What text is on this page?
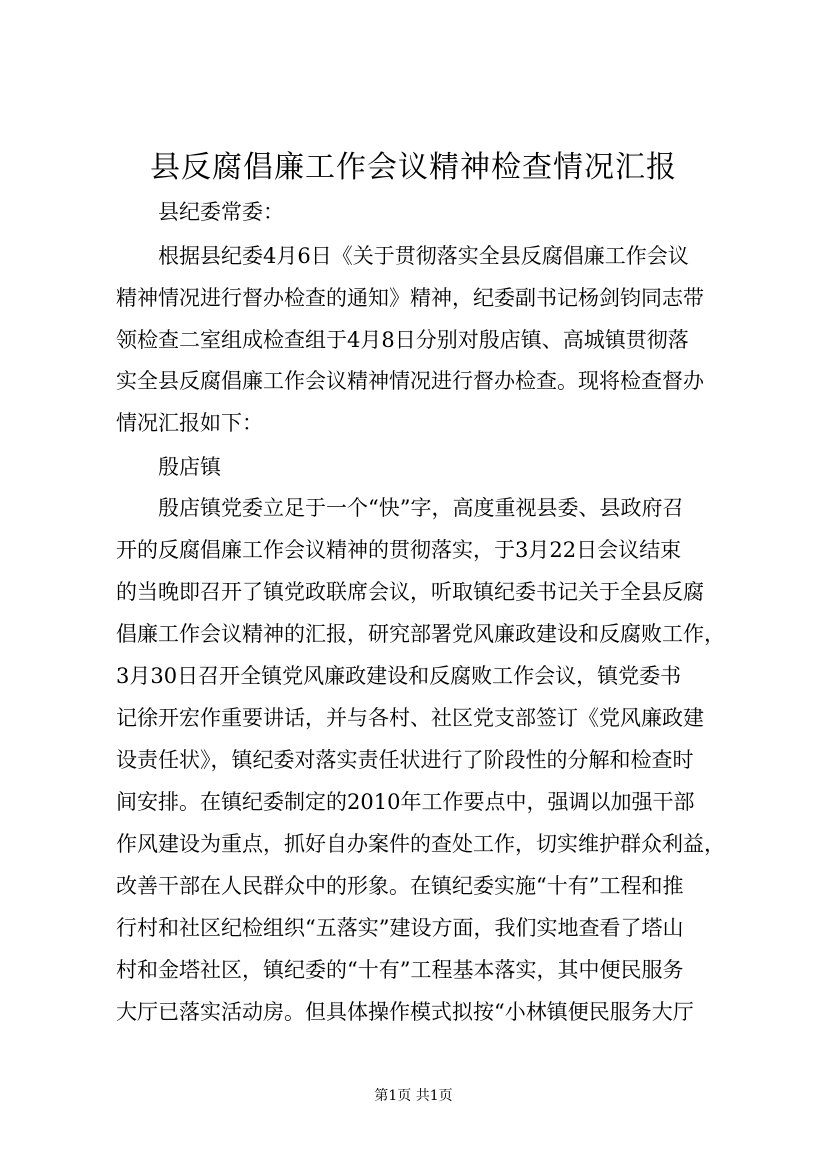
县反腐倡廉工作会议精神检查情况汇报
县纪委常委：
根据县纪委4月6日《关于贯彻落实全县反腐倡廉工作会议
精神情况进行督办检查的通知》精神，纪委副书记杨剑钧同志带
领检查二室组成检查组于4月8日分别对殷店镇、高城镇贯彻落
实全县反腐倡廉工作会议精神情况进行督办检查。现将检查督办
情况汇报如下：
殷店镇
殷店镇党委立足于一个“快”字，高度重视县委、县政府召
开的反腐倡廉工作会议精神的贯彻落实，于3月22日会议结束
的当晚即召开了镇党政联席会议，听取镇纪委书记关于全县反腐
倡廉工作会议精神的汇报，研究部署党风廉政建设和反腐败工作，
3月30日召开全镇党风廉政建设和反腐败工作会议，镇党委书
记徐开宏作重要讲话，并与各村、社区党支部签订《党风廉政建
设责任状》，镇纪委对落实责任状进行了阶段性的分解和检查时
间安排。在镇纪委制定的2010年工作要点中，强调以加强干部
作风建设为重点，抓好自办案件的查处工作，切实维护群众利益，
改善干部在人民群众中的形象。在镇纪委实施“十有”工程和推
行村和社区纪检组织“五落实”建设方面，我们实地查看了塔山
村和金塔社区，镇纪委的“十有”工程基本落实，其中便民服务
大厅已落实活动房。但具体操作模式拟按“小林镇便民服务大厅
第1页 共1页
